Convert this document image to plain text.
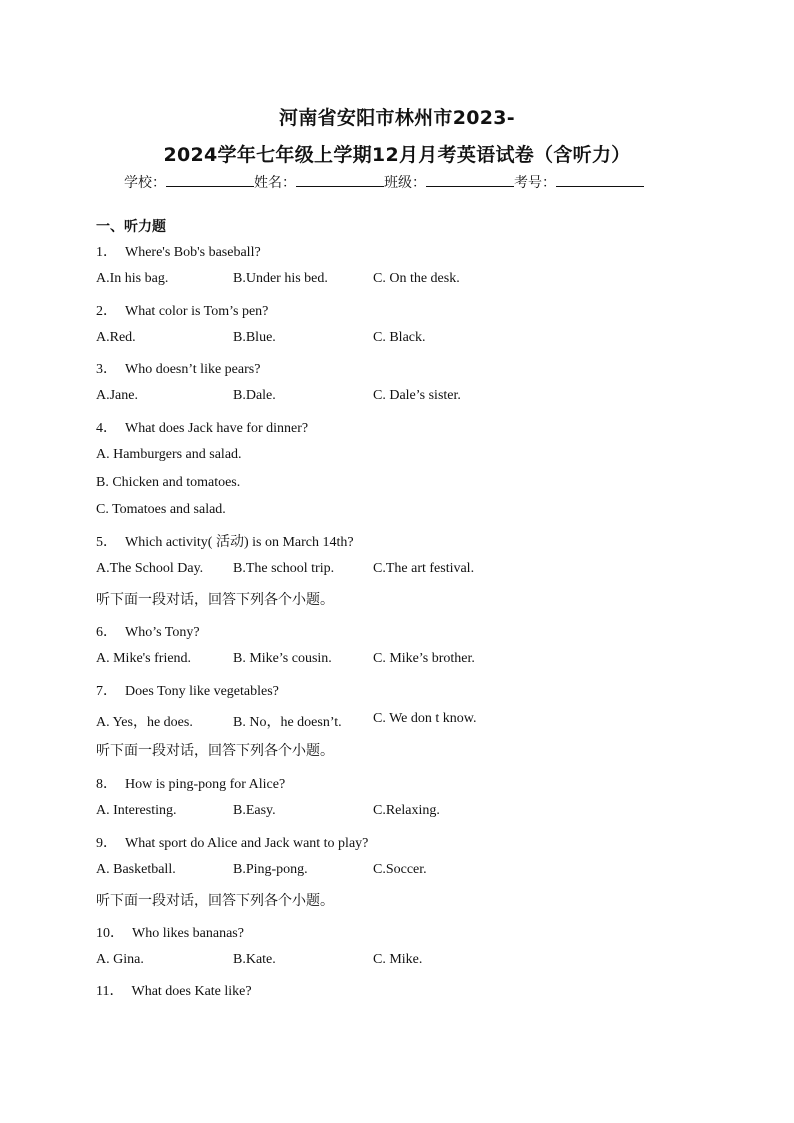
河南省安阳市林州市2023-
2024学年七年级上学期12月月考英语试卷（含听力）
学校：	姓名：	班级：	考号：
一、听力题
1． Where's Bob's baseball?
A.In his bag.	B.Under his bed.	C. On the desk.
2． What color is Tom’s pen?
A.Red.	B.Blue.	C. Black.
3． Who doesn’t like pears?
A.Jane.	B.Dale.	C. Dale’s sister.
4． What does Jack have for dinner?
A. Hamburgers and salad.
B. Chicken and tomatoes.
C. Tomatoes and salad.
5． Which activity( 活动) is on March 14th?
A.The School Day. B.The school trip.	C.The art festival.
听下面一段对话，回答下列各个小题。
6． Who’s Tony?
A. Mike's friend.	B. Mike’s cousin.	C. Mike’s brother.
7． Does Tony like vegetables?
A. Yes，he does.	B. No，he doesn’t. C. We don t know.
听下面一段对话，回答下列各个小题。
8． How is ping-pong for Alice?
A. Interesting.	B.Easy.	C.Relaxing.
9． What sport do Alice and Jack want to play?
A. Basketball.	B.Ping-pong.	C.Soccer.
听下面一段对话，回答下列各个小题。
10． Who likes bananas?
A. Gina.	B.Kate.	C. Mike.
11． What does Kate like?
